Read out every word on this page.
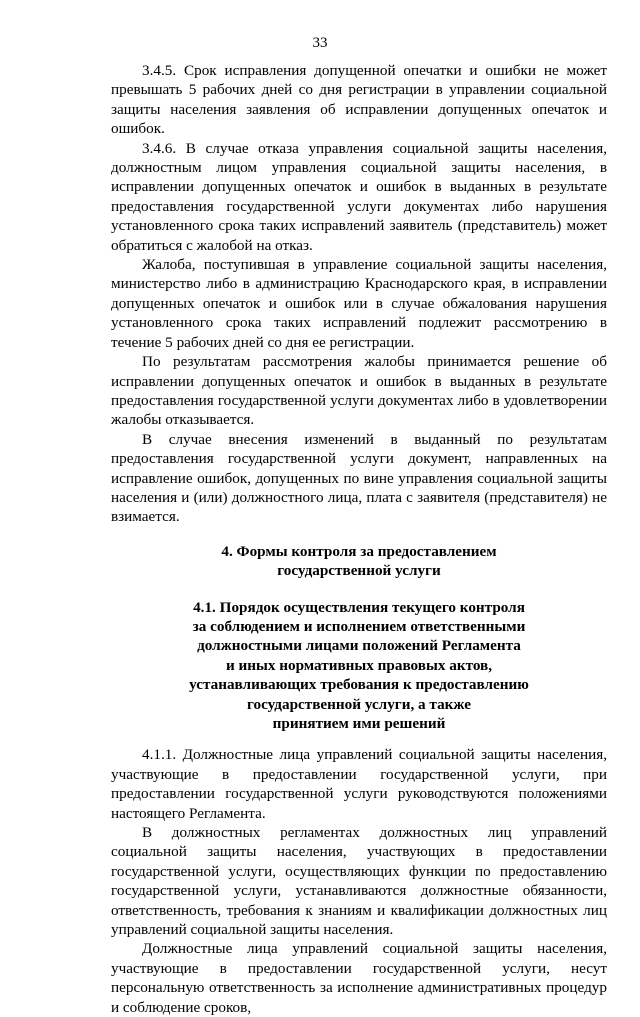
33

3.4.5. Срок исправления допущенной опечатки и ошибки не может превышать 5 рабочих дней со дня регистрации в управлении социальной защиты населения заявления об исправлении допущенных опечаток и ошибок.

3.4.6. В случае отказа управления социальной защиты населения, должностным лицом управления социальной защиты населения, в исправлении допущенных опечаток и ошибок в выданных в результате предоставления государственной услуги документах либо нарушения установленного срока таких исправлений заявитель (представитель) может обратиться с жалобой на отказ.

Жалоба, поступившая в управление социальной защиты населения, министерство либо в администрацию Краснодарского края, в исправлении допущенных опечаток и ошибок или в случае обжалования нарушения установленного срока таких исправлений подлежит рассмотрению в течение 5 рабочих дней со дня ее регистрации.

По результатам рассмотрения жалобы принимается решение об исправлении допущенных опечаток и ошибок в выданных в результате предоставления государственной услуги документах либо в удовлетворении жалобы отказывается.

В случае внесения изменений в выданный по результатам предоставления государственной услуги документ, направленных на исправление ошибок, допущенных по вине управления социальной защиты населения и (или) должностного лица, плата с заявителя (представителя) не взимается.

4. Формы контроля за предоставлением
государственной услуги
4.1. Порядок осуществления текущего контроля
за соблюдением и исполнением ответственными
должностными лицами положений Регламента
и иных нормативных правовых актов,
устанавливающих требования к предоставлению
государственной услуги, а также
принятием ими решений

4.1.1. Должностные лица управлений социальной защиты населения, участвующие в предоставлении государственной услуги, при предоставлении государственной услуги руководствуются положениями настоящего Регламента.

В должностных регламентах должностных лиц управлений социальной защиты населения, участвующих в предоставлении государственной услуги, осуществляющих функции по предоставлению государственной услуги, устанавливаются должностные обязанности, ответственность, требования к знаниям и квалификации должностных лиц управлений социальной защиты населения.

Должностные лица управлений социальной защиты населения, участвующие в предоставлении государственной услуги, несут персональную ответственность за исполнение административных процедур и соблюдение сроков,
